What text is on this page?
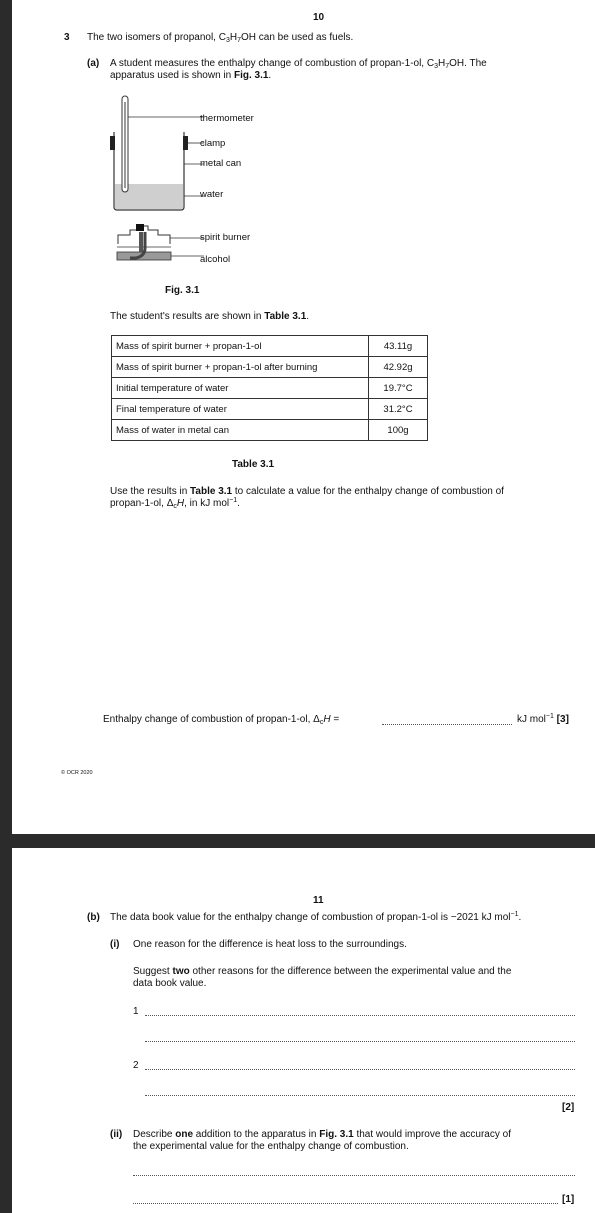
10
3 The two isomers of propanol, $C_3H_7OH$ can be used as fuels.
(a) A student measures the enthalpy change of combustion of propan-1-ol, $C_3H_7OH$. The
apparatus used is shown in Fig. 3.1.
thermometer
clamp
metal can
water
spirit burner
alcohol
Fig. 3.1
The student's results are shown in Table 3.1.
Mass of spirit burner + propan-1-ol	43.11g
Mass of spirit burner + propan-1-ol after burning	42.92g
Initial temperature of water	19.7°C
Final temperature of water	31.2°C
Mass of water in metal can	100g
Table 3.1
Use the results in Table 3.1 to calculate a value for the enthalpy change of combustion of
propan-1-ol, $\Delta_cH$, in kJ mol$^{-1}$.
Enthalpy change of combustion of propan-1-ol, $\Delta_cH$ =	kJ mol$^{-1}$ [3]
© OCR 2020
11
(b) The data book value for the enthalpy change of combustion of propan-1-ol is −2021 kJ mol$^{-1}$.
(i) One reason for the difference is heat loss to the surroundings.
Suggest two other reasons for the difference between the experimental value and the
data book value.
1
2
[2]
(ii) Describe one addition to the apparatus in Fig. 3.1 that would improve the accuracy of
the experimental value for the enthalpy change of combustion.
[1]
